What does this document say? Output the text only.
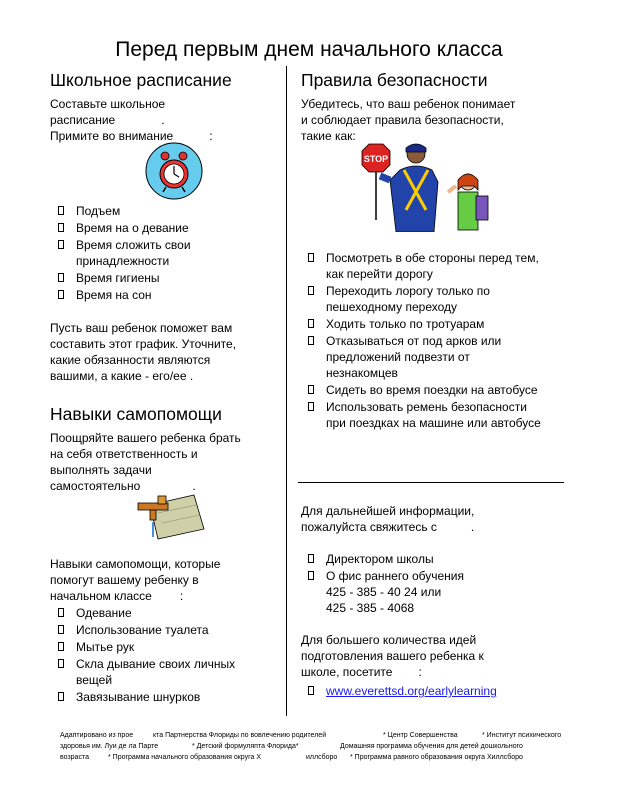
Перед первым днем начального класса
Школьное расписание
Составьте школьное расписание	.
Примите во внимание	:
Подъем
Время на о девание
Время сложить свои принадлежности
Время гигиены
Время на сон
Пусть ваш ребенок поможет вам
составить этот график. Уточните,
какие обязанности являются
вашими, а какие - его/ее .
Навыки самопомощи
Поощряйте вашего ребенка брать
на себя ответственность и
выполнять задачи самостоятельно	.
Навыки самопомощи, которые
помогут вашему ребенку в
начальном классе :
Одевание
Использование туалета
Мытье рук
Скла дывание своих личных вещей
Завязывание шнурков
Правила безопасности
Убедитесь, что ваш ребенок понимает
и соблюдает правила безопасности,
такие как:
STOP
Посмотреть в обе стороны перед тем, как перейти дорогу
Переходить лорогу только по пешеходному переходу
Ходить только по тротуарам
Отказываться от под арков или предложений подвезти от незнакомцев
Сидеть во время поездки на автобусе
Использовать ремень безопасности при поездках на машине или автобусе
Для дальнейшей информации,
пожалуйста свяжитесь с	.
Директором школы
О фис раннего обучения
425 - 385 - 40 24 или
425 - 385 - 4068
Для большего количества идей
подготовления вашего ребенка к
школе, посетите :
www.everettsd.org/earlylearning
Адаптировано из прое	кта Партнерства Флориды по вовлечению родителей	* Центр Совершенства	* Институт психического
здоровья им. Луи де ла Парте	* Детский формуляпта Флорида*	Домашняя программа обучения для детей дошкольного
возраста	* Программа начального образования округа X	иллсборо * Программа равного образования округа Хиллсборо
